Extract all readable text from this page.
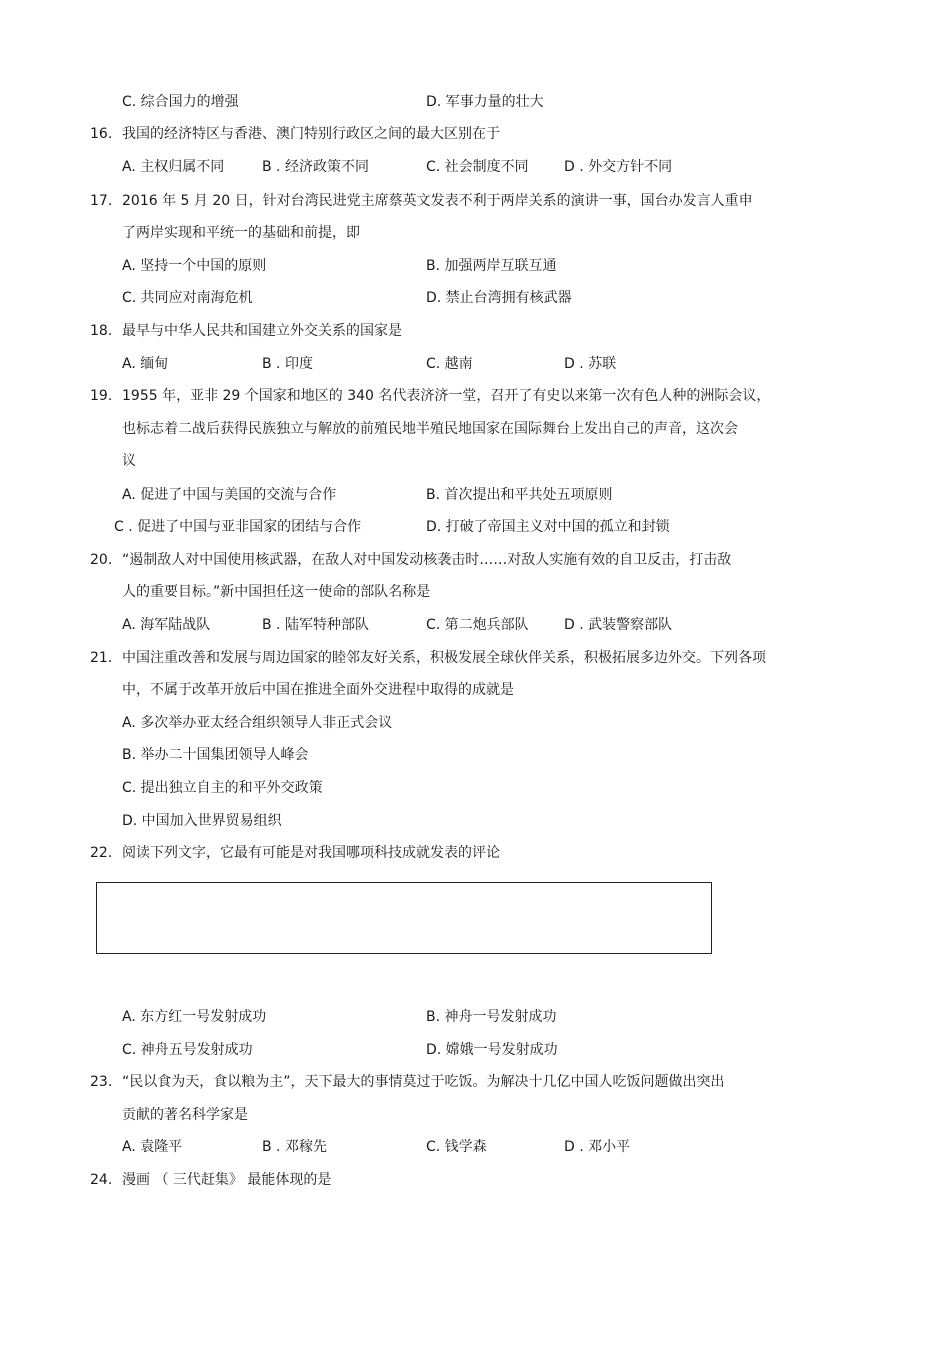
C. 综合国力的增强	D. 军事力量的壮大
16. 我国的经济特区与香港、澳门特别行政区之间的最大区别在于
A. 主权归属不同	B . 经济政策不同	C. 社会制度不同	D . 外交方针不同
17. 2016 年 5 月 20 日，针对台湾民进党主席蔡英文发表不利于两岸关系的演讲一事，国台办发言人重申
了两岸实现和平统一的基础和前提，即
A. 坚持一个中国的原则	B. 加强两岸互联互通
C. 共同应对南海危机	D. 禁止台湾拥有核武器
18. 最早与中华人民共和国建立外交关系的国家是
A. 缅甸	B . 印度	C. 越南	D . 苏联
19. 1955 年，亚非 29 个国家和地区的 340 名代表济济一堂，召开了有史以来第一次有色人种的洲际会议，
也标志着二战后获得民族独立与解放的前殖民地半殖民地国家在国际舞台上发出自己的声音，这次会
议
A. 促进了中国与美国的交流与合作	B. 首次提出和平共处五项原则
C . 促进了中国与亚非国家的团结与合作	D. 打破了帝国主义对中国的孤立和封锁
20. “遏制敌人对中国使用核武器，在敌人对中国发动核袭击时……对敌人实施有效的自卫反击，打击敌
人的重要目标。”新中国担任这一使命的部队名称是
A. 海军陆战队	B . 陆军特种部队	C. 第二炮兵部队	D . 武装警察部队
21. 中国注重改善和发展与周边国家的睦邻友好关系，积极发展全球伙伴关系，积极拓展多边外交。下列各项
中，不属于改革开放后中国在推进全面外交进程中取得的成就是
A. 多次举办亚太经合组织领导人非正式会议
B. 举办二十国集团领导人峰会
C. 提出独立自主的和平外交政策
D. 中国加入世界贸易组织
22. 阅读下列文字，它最有可能是对我国哪项科技成就发表的评论
A. 东方红一号发射成功	B. 神舟一号发射成功
C. 神舟五号发射成功	D. 嫦娥一号发射成功
23. “民以食为天，食以粮为主”，天下最大的事情莫过于吃饭。为解决十几亿中国人吃饭问题做出突出
贡献的著名科学家是
A. 袁隆平	B . 邓稼先	C. 钱学森	D . 邓小平
24. 漫画 （ 三代赶集》 最能体现的是
